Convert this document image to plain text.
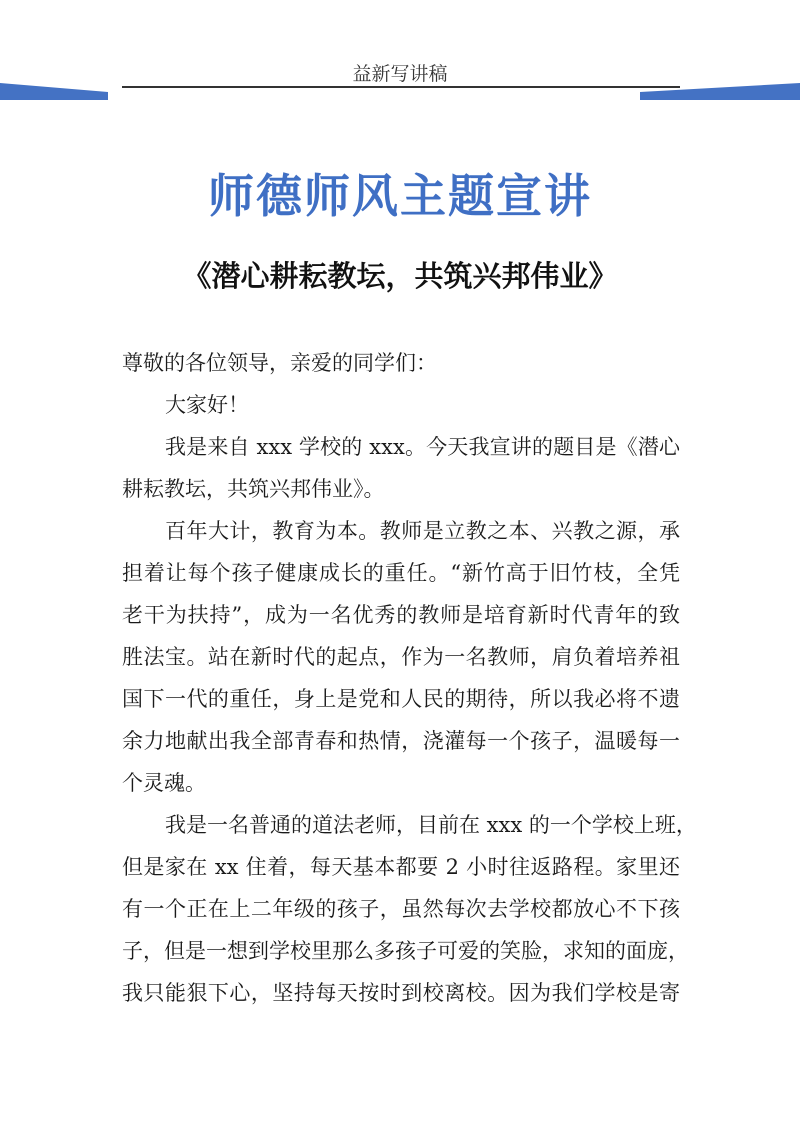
益新写讲稿
师德师风主题宣讲
《潜心耕耘教坛，共筑兴邦伟业》
尊敬的各位领导，亲爱的同学们：
大家好！
我是来自 xxx 学校的 xxx。今天我宣讲的题目是《潜心
耕耘教坛，共筑兴邦伟业》。
百年大计，教育为本。教师是立教之本、兴教之源，承
担着让每个孩子健康成长的重任。“新竹高于旧竹枝，全凭
老干为扶持”，成为一名优秀的教师是培育新时代青年的致
胜法宝。站在新时代的起点，作为一名教师，肩负着培养祖
国下一代的重任，身上是党和人民的期待，所以我必将不遗
余力地献出我全部青春和热情，浇灌每一个孩子，温暖每一
个灵魂。
我是一名普通的道法老师，目前在 xxx 的一个学校上班，
但是家在 xx 住着，每天基本都要 2 小时往返路程。家里还
有一个正在上二年级的孩子，虽然每次去学校都放心不下孩
子，但是一想到学校里那么多孩子可爱的笑脸，求知的面庞，
我只能狠下心，坚持每天按时到校离校。因为我们学校是寄
